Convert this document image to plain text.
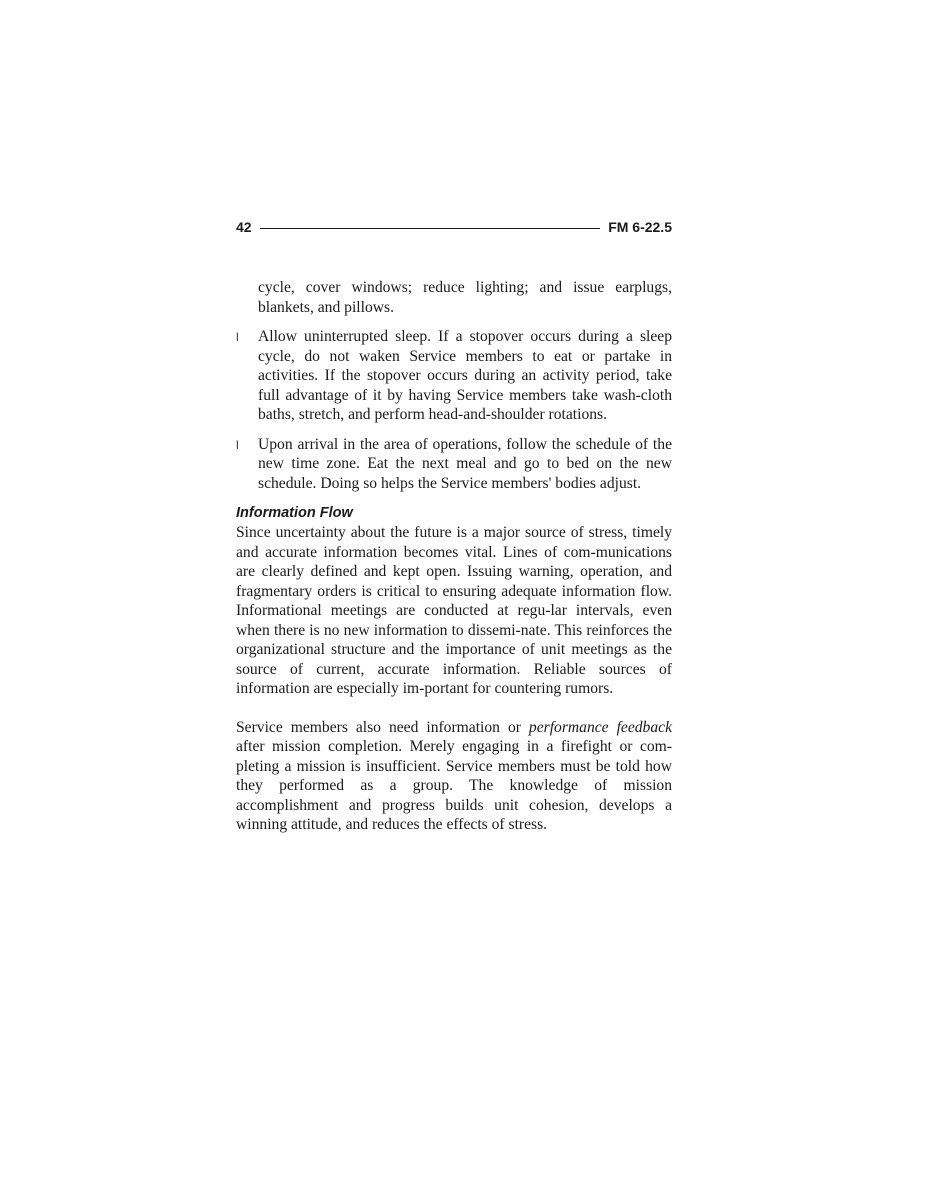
42	FM 6-22.5
cycle, cover windows; reduce lighting; and issue earplugs, blankets, and pillows.
l Allow uninterrupted sleep. If a stopover occurs during a sleep cycle, do not waken Service members to eat or partake in activities. If the stopover occurs during an activity period, take full advantage of it by having Service members take wash-cloth baths, stretch, and perform head-and-shoulder rotations.
l Upon arrival in the area of operations, follow the schedule of the new time zone. Eat the next meal and go to bed on the new schedule. Doing so helps the Service members' bodies adjust.
Information Flow

Since uncertainty about the future is a major source of stress, timely and accurate information becomes vital. Lines of com-munications are clearly defined and kept open. Issuing warning, operation, and fragmentary orders is critical to ensuring adequate information flow. Informational meetings are conducted at regu-lar intervals, even when there is no new information to dissemi-nate. This reinforces the organizational structure and the importance of unit meetings as the source of current, accurate information. Reliable sources of information are especially im-portant for countering rumors.

Service members also need information or performance feedback after mission completion. Merely engaging in a firefight or com-pleting a mission is insufficient. Service members must be told how they performed as a group. The knowledge of mission accomplishment and progress builds unit cohesion, develops a winning attitude, and reduces the effects of stress.
